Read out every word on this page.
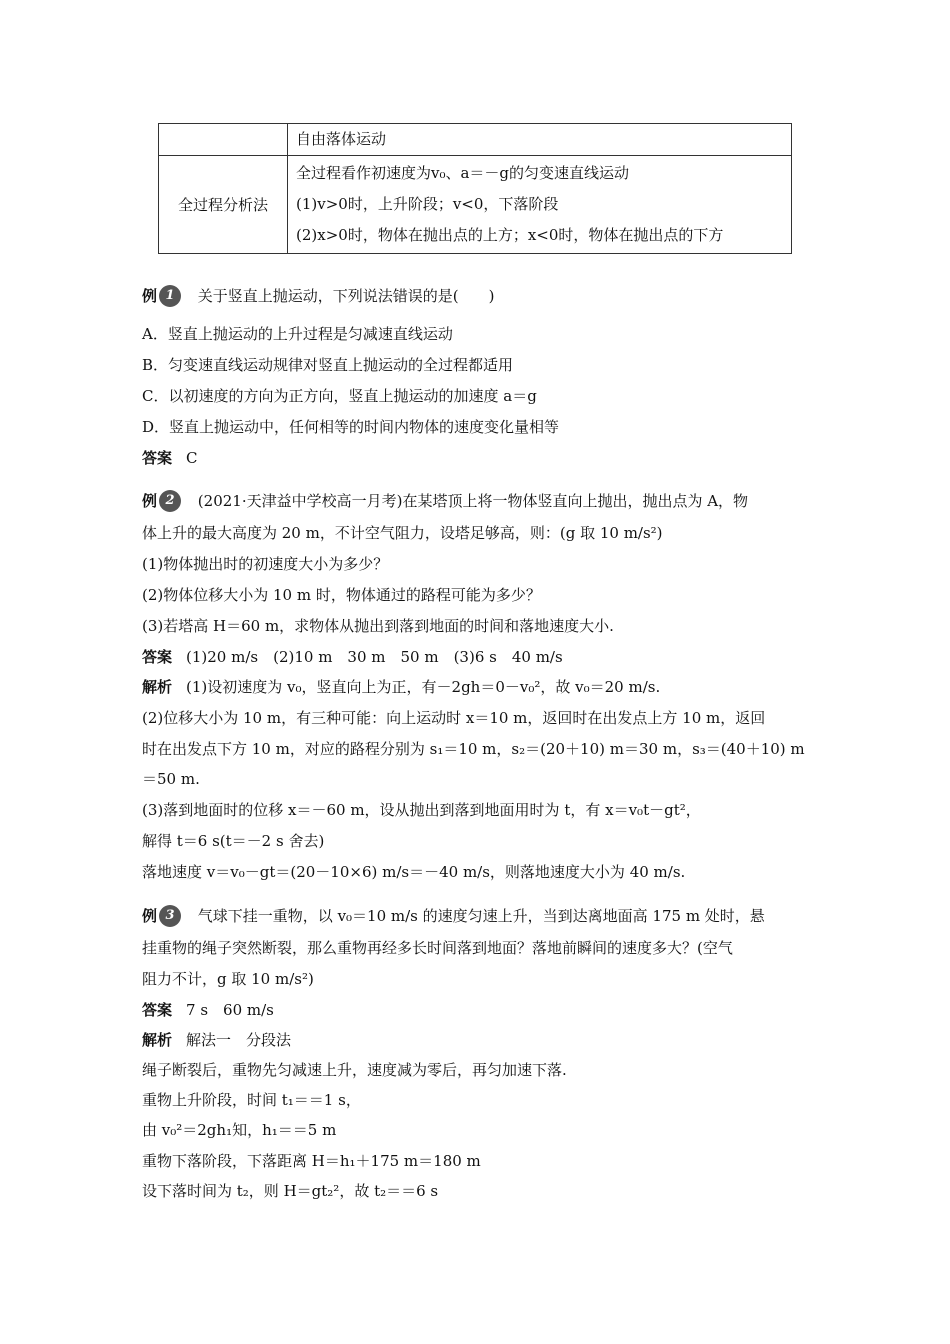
	自由落体运动
全过程分析法	全过程看作初速度为v₀、a＝－g的匀变速直线运动
(1)v>0时，上升阶段；v<0，下落阶段
(2)x>0时，物体在抛出点的上方；x<0时，物体在抛出点的下方
例 1	关于竖直上抛运动，下列说法错误的是(　　)
A．竖直上抛运动的上升过程是匀减速直线运动
B．匀变速直线运动规律对竖直上抛运动的全过程都适用
C．以初速度的方向为正方向，竖直上抛运动的加速度 a＝g
D．竖直上抛运动中，任何相等的时间内物体的速度变化量相等
答案 C
例 2	(2021·天津益中学校高一月考)在某塔顶上将一物体竖直向上抛出，抛出点为 A，物
体上升的最大高度为 20 m，不计空气阻力，设塔足够高，则：(g 取 10 m/s²)
(1)物体抛出时的初速度大小为多少？
(2)物体位移大小为 10 m 时，物体通过的路程可能为多少？
(3)若塔高 H＝60 m，求物体从抛出到落到地面的时间和落地速度大小.
答案 (1)20 m/s　(2)10 m　30 m　50 m　(3)6 s　40 m/s
解析 (1)设初速度为 v₀，竖直向上为正，有－2gh＝0－v₀²，故 v₀＝20 m/s.
(2)位移大小为 10 m，有三种可能：向上运动时 x＝10 m，返回时在出发点上方 10 m，返回
时在出发点下方 10 m，对应的路程分别为 s₁＝10 m，s₂＝(20＋10) m＝30 m，s₃＝(40＋10) m
＝50 m.
(3)落到地面时的位移 x＝－60 m，设从抛出到落到地面用时为 t，有 x＝v₀t－gt²，
解得 t＝6 s(t＝－2 s 舍去)
落地速度 v＝v₀－gt＝(20－10×6) m/s＝－40 m/s，则落地速度大小为 40 m/s.
例 3	气球下挂一重物，以 v₀＝10 m/s 的速度匀速上升，当到达离地面高 175 m 处时，悬
挂重物的绳子突然断裂，那么重物再经多长时间落到地面？落地前瞬间的速度多大？(空气
阻力不计，g 取 10 m/s²)
答案 7 s　60 m/s
解析 解法一　分段法
绳子断裂后，重物先匀减速上升，速度减为零后，再匀加速下落.
重物上升阶段，时间 t₁＝＝1 s，
由 v₀²＝2gh₁知，h₁＝＝5 m
重物下落阶段，下落距离 H＝h₁＋175 m＝180 m
设下落时间为 t₂，则 H＝gt₂²，故 t₂＝＝6 s
